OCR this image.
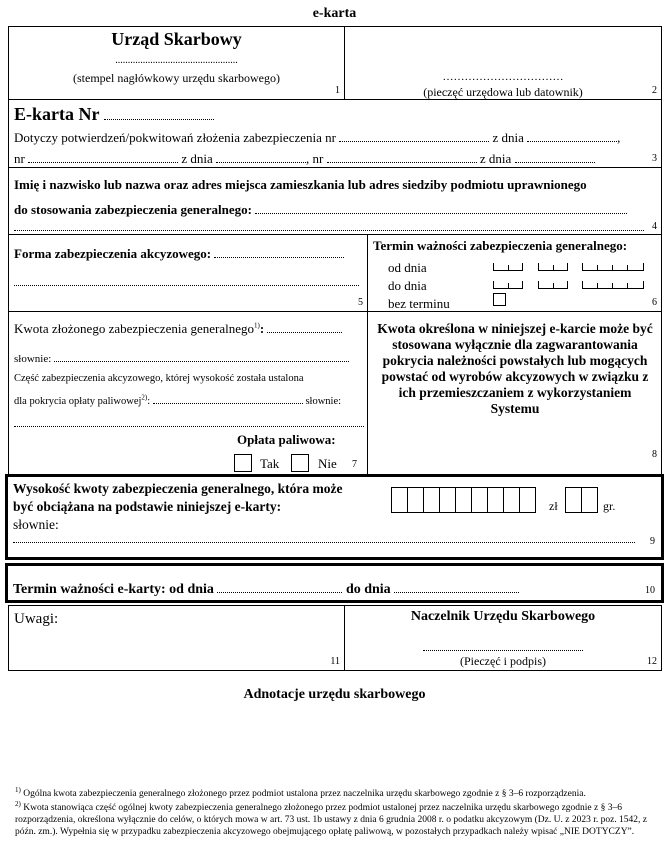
e-karta
Urząd Skarbowy
.................................................
(stempel nagłówkowy urzędu skarbowego)
1
……………………………
(pieczęć urzędowa lub datownik)	2
E-karta Nr
Dotyczy potwierdzeń/pokwitowań złożenia zabezpieczenia nr	z dnia	,
nr	z dnia	, nr	z dnia	3
Imię i nazwisko lub nazwa oraz adres miejsca zamieszkania lub adres siedziby podmiotu uprawnionego
do stosowania zabezpieczenia generalnego:
4
Forma zabezpieczenia akcyzowego:
5
Termin ważności zabezpieczenia generalnego:
od dnia
do dnia
bez terminu	6
Kwota złożonego zabezpieczenia generalnego$^{1)}$:
słownie:
Część zabezpieczenia akcyzowego, której wysokość została ustalona
dla pokrycia opłaty paliwowej$^{2)}$:	słownie:
Opłata paliwowa:
Tak	Nie 7
Kwota określona w niniejszej e-karcie może być stosowana wyłącznie dla zagwarantowania pokrycia należności powstałych lub mogących powstać od wyrobów akcyzowych w związku z ich przemieszczaniem z wykorzystaniem Systemu
8
Wysokość kwoty zabezpieczenia generalnego, która może
być obciążana na podstawie niniejszej e-karty:
słownie:
zł	gr.
9
Termin ważności e-karty: od dnia	do dnia	10
Uwagi:
11
Naczelnik Urzędu Skarbowego
(Pieczęć i podpis)	12
Adnotacje urzędu skarbowego
$^{1)}$ Ogólna kwota zabezpieczenia generalnego złożonego przez podmiot ustalona przez naczelnika urzędu skarbowego zgodnie z § 3–6 rozporządzenia.
$^{2)}$ Kwota stanowiąca część ogólnej kwoty zabezpieczenia generalnego złożonego przez podmiot ustalonej przez naczelnika urzędu skarbowego zgodnie z § 3–6 rozporządzenia, określona wyłącznie do celów, o których mowa w art. 73 ust. 1b ustawy z dnia 6 grudnia 2008 r. o podatku akcyzowym (Dz. U. z 2023 r. poz. 1542, z późn. zm.). Wypełnia się w przypadku zabezpieczenia akcyzowego obejmującego opłatę paliwową, w pozostałych przypadkach należy wpisać „NIE DOTYCZY”.
